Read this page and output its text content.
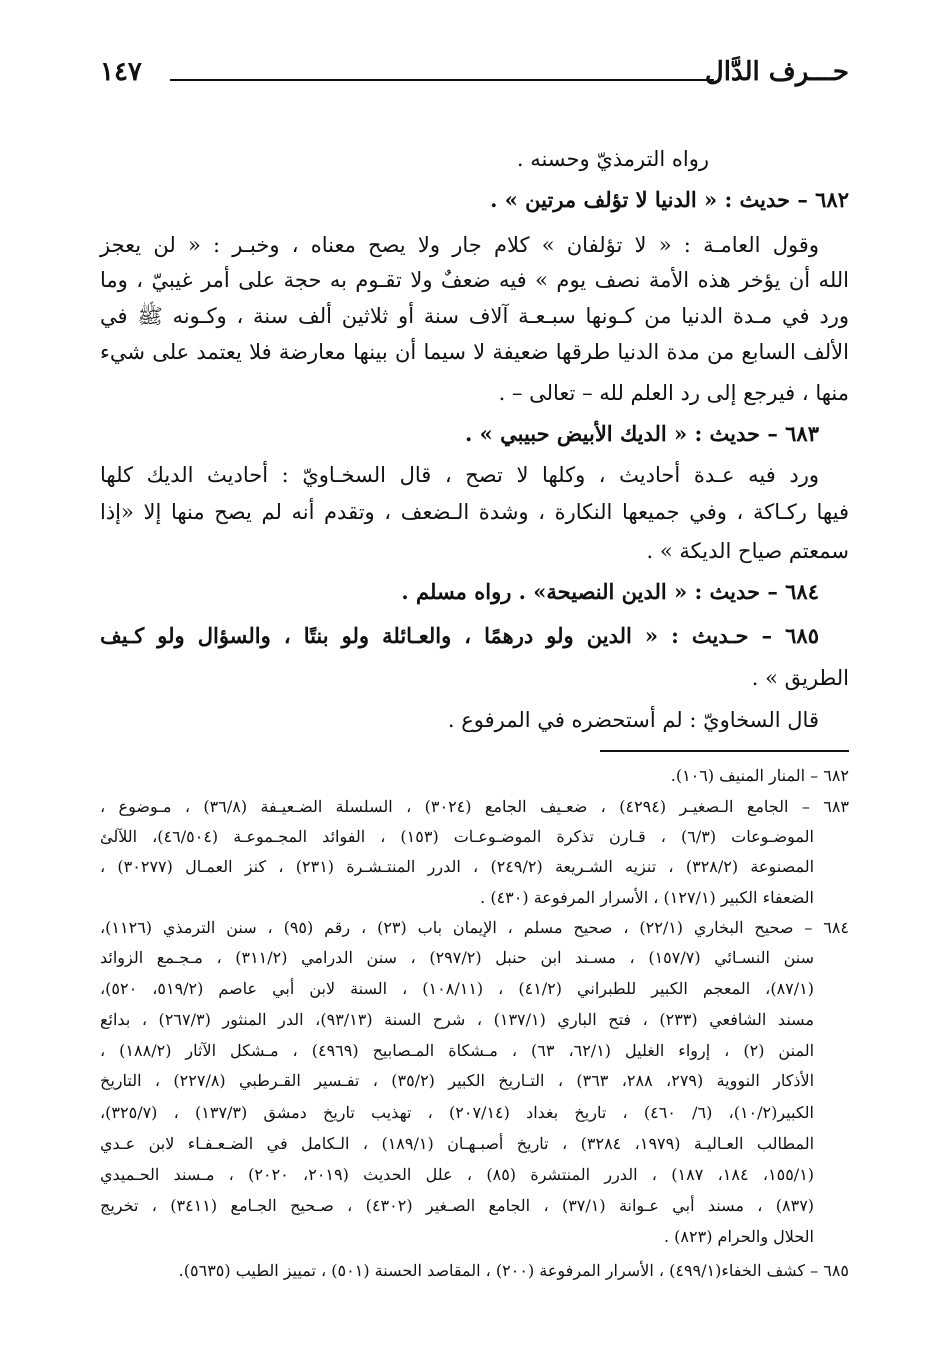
حـــرف الدَّال
١٤٧
رواه الترمذيّ وحسنه .
٦٨٢ – حديث : « الدنيا لا تؤلف مرتين » .
وقول العامـة : « لا تؤلفان » كلام جار ولا يصح معناه ، وخبـر : « لن يعجز
الله أن يؤخر هذه الأمة نصف يوم » فيه ضعفٌ ولا تقـوم به حجة على أمر غيبيّ ، وما
ورد في مـدة الدنيا من كـونها سبـعـة آلاف سنة أو ثلاثين ألف سنة ، وكـونه ﷺ في
الألف السابع من مدة الدنيا طرقها ضعيفة لا سيما أن بينها معارضة فلا يعتمد على شيء
منها ، فيرجع إلى رد العلم لله – تعالى – .
٦٨٣ – حديث : « الديك الأبيض حبيبي » .
ورد فيه عـدة أحاديث ، وكلها لا تصح ، قال السخـاويّ : أحاديث الديك كلها
فيها ركـاكة ، وفي جميعها النكارة ، وشدة الـضعف ، وتقدم أنه لم يصح منها إلا «إذا
سمعتم صياح الديكة » .
٦٨٤ – حديث : « الدين النصيحة» . رواه مسلم .
٦٨٥ – حـديث : « الدين ولو درهمًا ، والعـائلة ولو بنتًا ، والسؤال ولو كـيف
الطريق » .
قال السخاويّ : لم أستحضره في المرفوع .
٦٨٢ – المنار المنيف (١٠٦).
٦٨٣ – الجامع الـصغيـر (٤٢٩٤) ، ضعـيف الجامع (٣٠٢٤) ، السلسلة الضـعيـفة (٣٦/٨) ، مـوضوع ،
الموضـوعات (٦/٣) ، قـارن تذكرة الموضـوعـات (١٥٣) ، الفوائد المجـموعـة (٤٦/٥٠٤)، اللآلئ
المصنوعة (٣٢٨/٢) ، تنزيه الشـريعة (٢٤٩/٢) ، الدرر المنتـشـرة (٢٣١) ، كنز العمـال (٣٠٢٧٧) ،
الضعفاء الكبير (١٢٧/١) ، الأسرار المرفوعة (٤٣٠) .
٦٨٤ – صحيح البخاري (٢٢/١) ، صحيح مسلم ، الإيمان باب (٢٣) ، رقم (٩٥) ، سنن الترمذي (١١٢٦)،
سنن النسـائي (١٥٧/٧) ، مسـند ابن حنبل (٢٩٧/٢) ، سنن الدرامي (٣١١/٢) ، مـجـمع الزوائد
(٨٧/١)، المعجم الكبير للطبراني (٤١/٢) ، (١٠٨/١١) ، السنة لابن أبي عاصم (٥١٩/٢، ٥٢٠)،
مسند الشافعي (٢٣٣) ، فتح الباري (١٣٧/١) ، شرح السنة (٩٣/١٣)، الدر المنثور (٢٦٧/٣) ، بدائع
المنن (٢) ، إرواء الغليل (٦٢/١، ٦٣) ، مـشكاة المـصابيح (٤٩٦٩) ، مـشكل الآثار (١٨٨/٢) ،
الأذكار النووية (٢٧٩، ٢٨٨، ٣٦٣) ، التـاريخ الكبير (٣٥/٢) ، تفـسير القـرطبي (٢٢٧/٨) ، التاريخ
الكبير(١٠/٢)، (٦/ ٤٦٠) ، تاريخ بغداد (٢٠٧/١٤) ، تهذيب تاريخ دمشق (١٣٧/٣) ، (٣٢٥/٧)،
المطالب العـاليـة (١٩٧٩، ٣٢٨٤) ، تاريخ أصبـهـان (١٨٩/١) ، الـكامل في الضـعـفـاء لابن عـدي
(١٥٥/١، ١٨٤، ١٨٧) ، الدرر المنتشرة (٨٥) ، علل الحديث (٢٠١٩، ٢٠٢٠) ، مـسند الحـميدي
(٨٣٧) ، مسند أبي عـوانة (٣٧/١) ، الجامع الصـغير (٤٣٠٢) ، صـحيح الجـامع (٣٤١١) ، تخريج
الحلال والحرام (٨٢٣) .
٦٨٥ – كشف الخفاء(٤٩٩/١) ، الأسرار المرفوعة (٢٠٠) ، المقاصد الحسنة (٥٠١) ، تمييز الطيب (٥٦٣٥).
